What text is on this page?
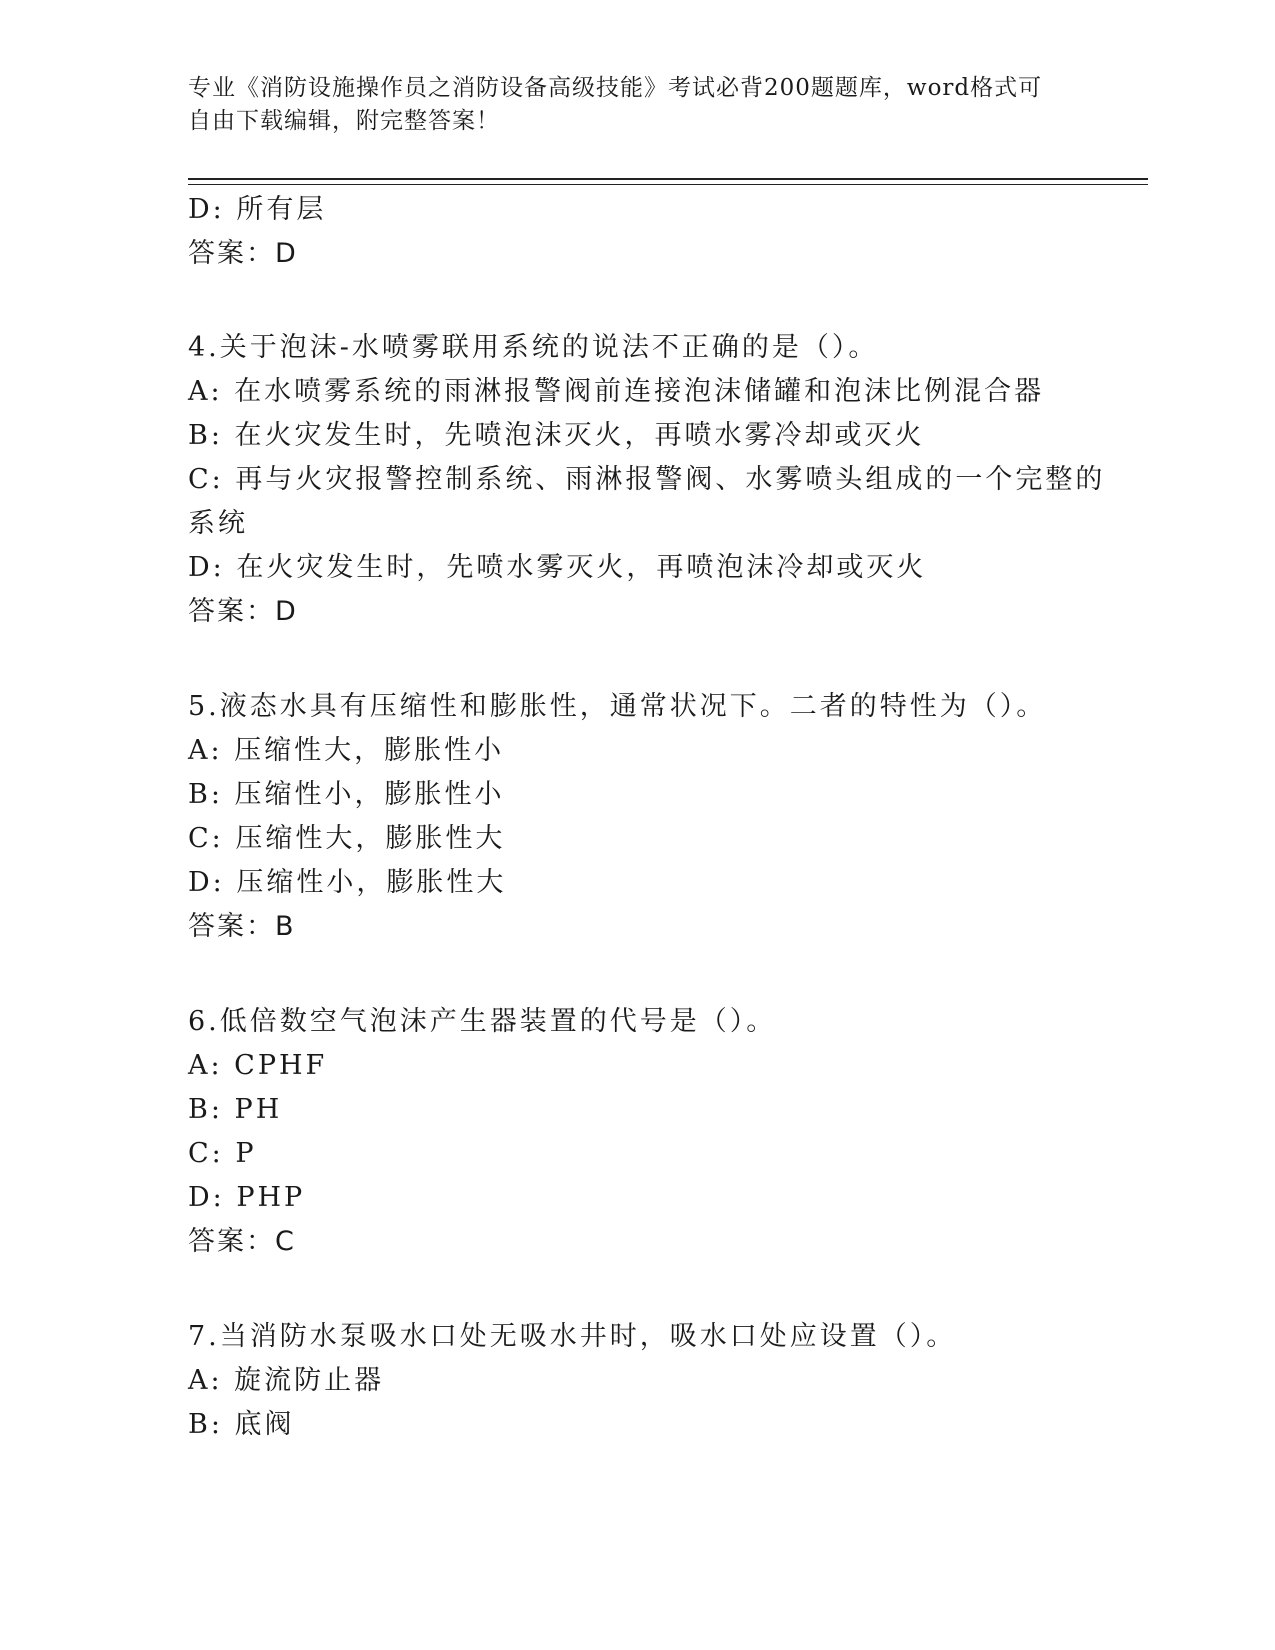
专业《消防设施操作员之消防设备高级技能》考试必背200题题库，word格式可
自由下载编辑，附完整答案！
D: 所有层
答案：D
4.关于泡沫-水喷雾联用系统的说法不正确的是（）。
A: 在水喷雾系统的雨淋报警阀前连接泡沫储罐和泡沫比例混合器
B: 在火灾发生时，先喷泡沫灭火，再喷水雾冷却或灭火
C: 再与火灾报警控制系统、雨淋报警阀、水雾喷头组成的一个完整的
系统
D: 在火灾发生时，先喷水雾灭火，再喷泡沫冷却或灭火
答案：D
5.液态水具有压缩性和膨胀性，通常状况下。二者的特性为（）。
A: 压缩性大，膨胀性小
B: 压缩性小，膨胀性小
C: 压缩性大，膨胀性大
D: 压缩性小，膨胀性大
答案：B
6.低倍数空气泡沫产生器装置的代号是（）。
A: CPHF
B: PH
C: P
D: PHP
答案：C
7.当消防水泵吸水口处无吸水井时，吸水口处应设置（）。
A: 旋流防止器
B: 底阀
